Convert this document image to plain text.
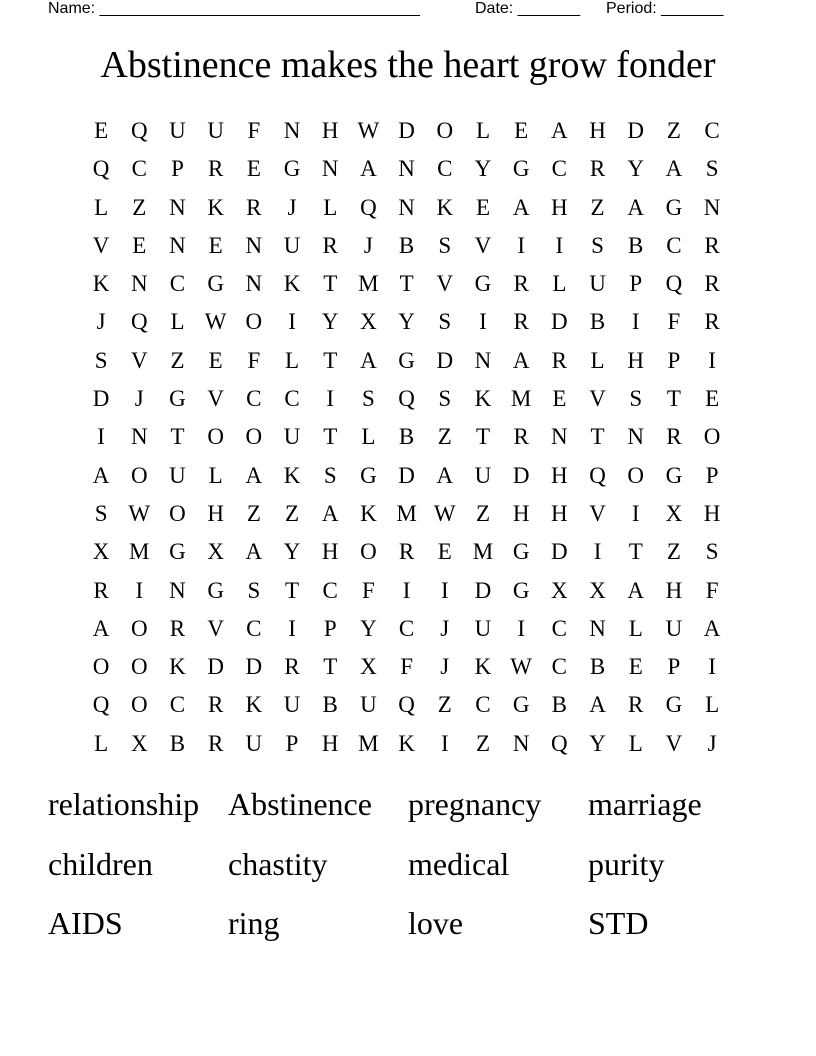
Name: ____________________________________	Date: _______ Period: _______
Abstinence makes the heart grow fonder
E Q U U	F	N H W D O L	E A H D Z	C
Q C	P	R	E G N A N C Y G C R Y A	S
L	Z N K R	J	L Q N K E A H Z A G N
V E N E N U R	J	B	S	V	I	I	S	B C R
K N C G N K T M T V G R	L U	P	Q R
J	Q L W O	I	Y X Y	S	I	R D B	I	F	R
S	V Z	E	F	L	T A G D N A R	L H	P	I
D	J	G V C C	I	S	Q	S	K M E V	S	T	E
I	N T O O U T	L	B	Z	T	R N T N R O
A O U L A K	S	G D A U D H Q O G	P
S W O H Z	Z A K M W Z H H V	I	X H
X M G X A Y H O R	E M G D	I	T	Z	S
R	I	N G	S	T	C	F	I	I	D G X X A H	F
A O R V C	I	P	Y C	J	U	I	C N L U A
O O K D D R	T X	F	J	K W C B	E	P	I
Q O C R K U B U Q Z	C G B A R G L
L X B R U	P	H M K	I	Z N Q Y L V	J
relationship Abstinence	pregnancy	marriage
children	chastity	medical	purity
AIDS	ring	love	STD
